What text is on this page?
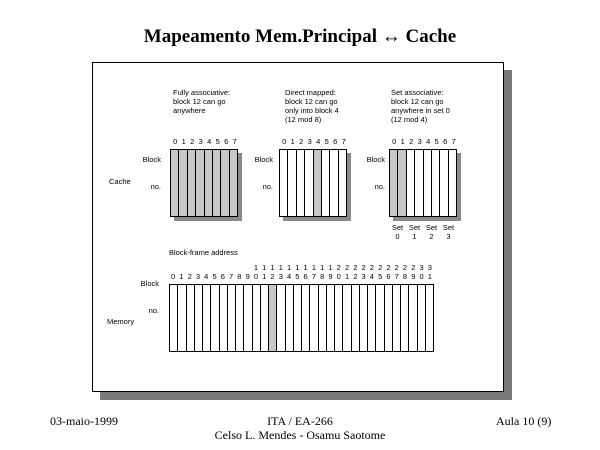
Mapeamento Mem.Principal ↔ Cache
Fully associative:
block 12 can go
anywhere
Direct mapped:
block 12 can go
only into block 4
(12 mod 8)
Set associative:
block 12 can go
anywhere in set 0
(12 mod 4)

Block

no.

Block

no.

Block

no.

0 1 2 3 4 5 6 7	0 1 2 3 4 5 6 7	0 1 2 3 4 5 6 7
Cache
Block-frame address

Block

no.

1 1 1 1 1 1 1 1 1 1 2 2 2 2 2 2 2 2 2 2 3 3
0 1 2 3 4 5 6 7 8 9 0 1 2 3 4 5 6 7 8 9 0 1 2 3 4 5 6 7 8 9 0 1
Memory
Set
0
Set
1
Set
2
Set
3
03-maio-1999	ITA / EA-266
Celso L. Mendes - Osamu Saotome
Aula 10 (9)
